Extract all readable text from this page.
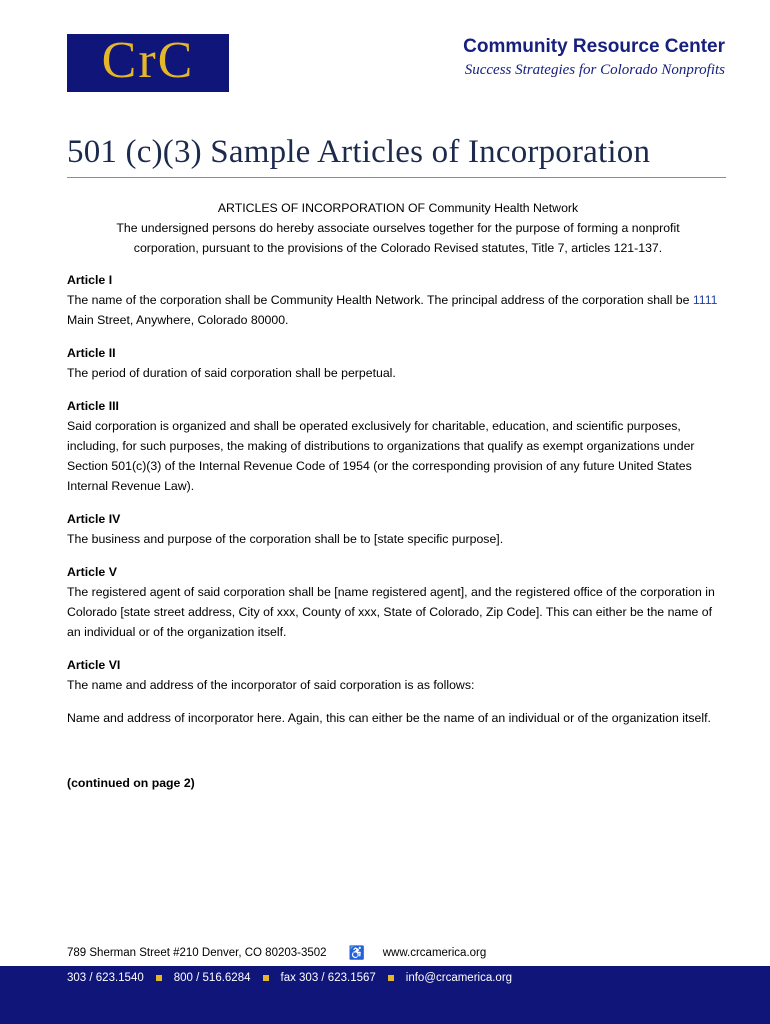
CrC	Community Resource Center
Success Strategies for Colorado Nonprofits
501 (c)(3) Sample Articles of Incorporation
ARTICLES OF INCORPORATION OF Community Health Network
The undersigned persons do hereby associate ourselves together for the purpose of forming a nonprofit
corporation, pursuant to the provisions of the Colorado Revised statutes, Title 7, articles 121-137.
Article I
The name of the corporation shall be Community Health Network. The principal address of the corporation shall be 1111 Main Street, Anywhere, Colorado 80000.
Article II
The period of duration of said corporation shall be perpetual.
Article III
Said corporation is organized and shall be operated exclusively for charitable, education, and scientific purposes, including, for such purposes, the making of distributions to organizations that qualify as exempt organizations under Section 501(c)(3) of the Internal Revenue Code of 1954 (or the corresponding provision of any future United States Internal Revenue Law).
Article IV
The business and purpose of the corporation shall be to [state specific purpose].
Article V
The registered agent of said corporation shall be [name registered agent], and the registered office of the corporation in Colorado [state street address, City of xxx, County of xxx, State of Colorado, Zip Code]. This can either be the name of an individual or of the organization itself.
Article VI
The name and address of the incorporator of said corporation is as follows:
Name and address of incorporator here. Again, this can either be the name of an individual or of the organization itself.
(continued on page 2)
789 Sherman Street #210 Denver, CO 80203-3502 ♿ www.crcamerica.org
303 / 623.1540	800 / 516.6284	fax 303 / 623.1567	info@crcamerica.org
